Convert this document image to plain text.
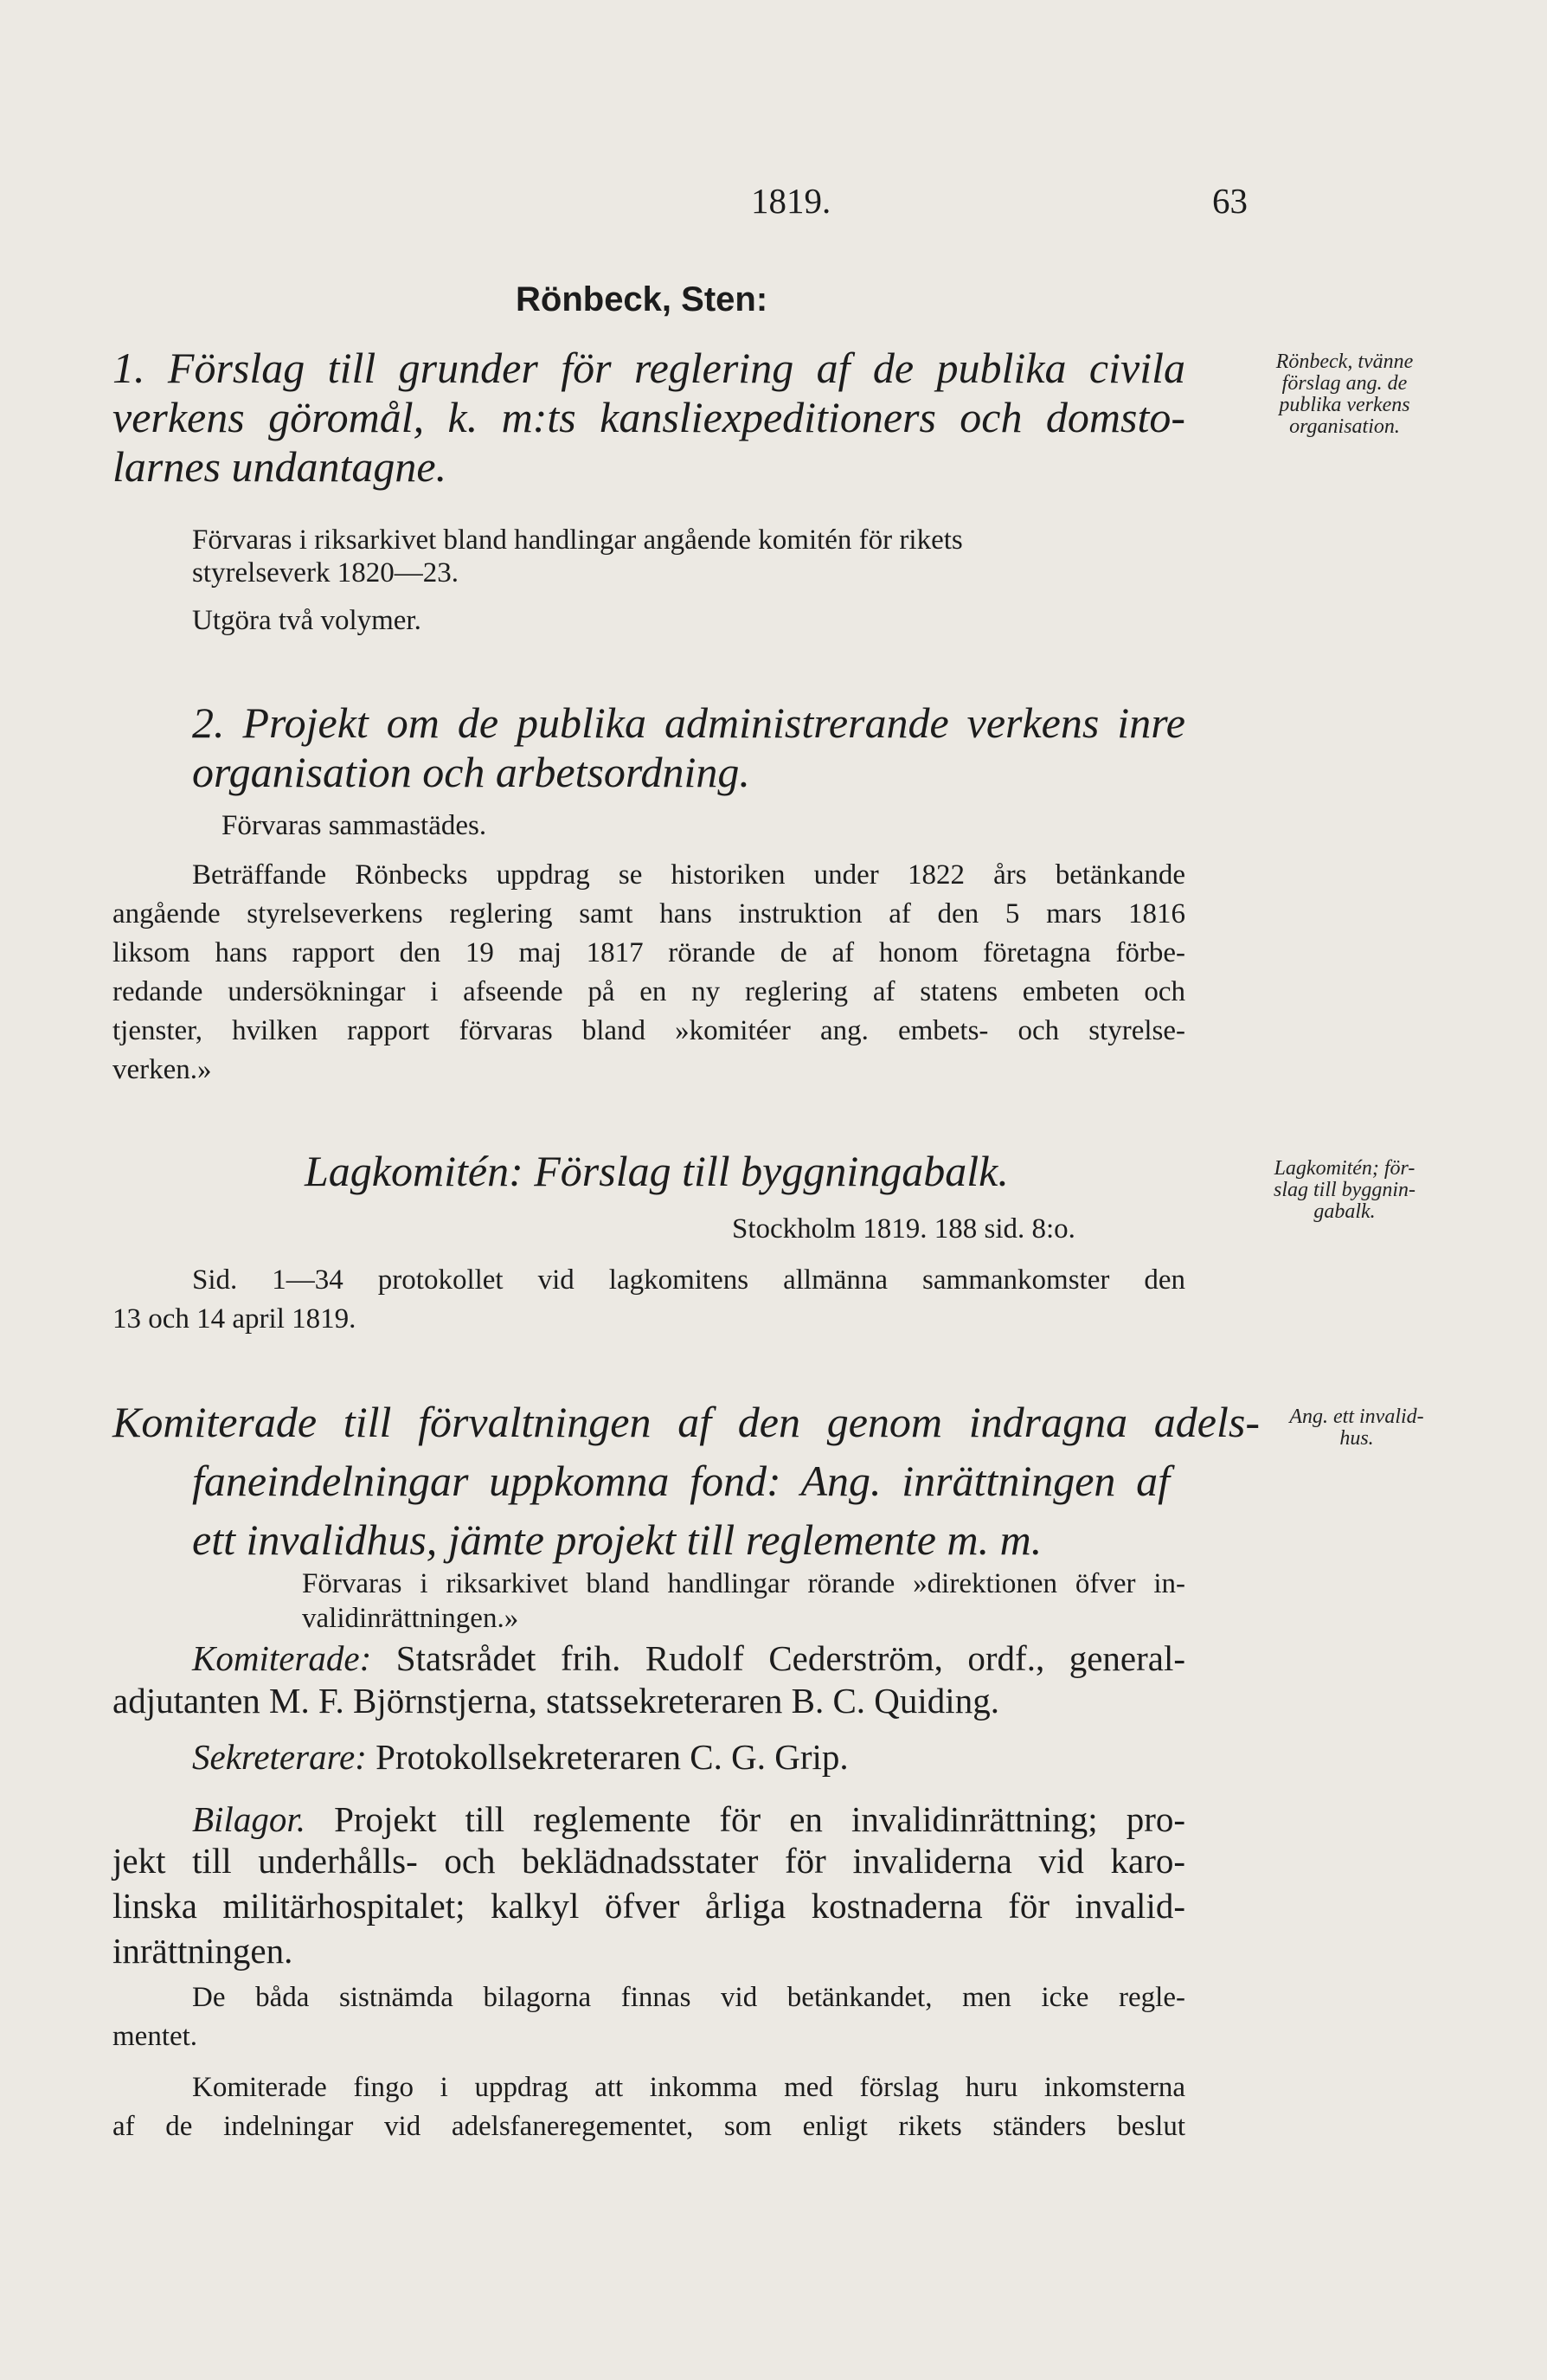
1819.	63
Rönbeck, Sten:
1. Förslag till grunder för reglering af de publika civila
verkens göromål, k. m:ts kansliexpeditioners och domsto-
larnes undantagne.
Rönbeck, tvänne
förslag ang. de
publika verkens
organisation.
Förvaras i riksarkivet bland handlingar angående komitén för rikets
styrelseverk 1820—23.
Utgöra två volymer.
2. Projekt om de publika administrerande verkens inre
organisation och arbetsordning.
Förvaras sammastädes.
Beträffande Rönbecks uppdrag se historiken under 1822 års betänkande
angående styrelseverkens reglering samt hans instruktion af den 5 mars 1816
liksom hans rapport den 19 maj 1817 rörande de af honom företagna förbe-
redande undersökningar i afseende på en ny reglering af statens embeten och
tjenster, hvilken rapport förvaras bland »komitéer ang. embets- och styrelse-
verken.»
Lagkomitén: Förslag till byggningabalk.
Stockholm 1819. 188 sid. 8:o.
Lagkomitén; för-
slag till byggnin-
gabalk.
Sid. 1—34 protokollet vid lagkomitens allmänna sammankomster den
13 och 14 april 1819.
Komiterade till förvaltningen af den genom indragna adels-
faneindelningar uppkomna fond: Ang. inrättningen af
ett invalidhus, jämte projekt till reglemente m. m.
Ang. ett invalid-
hus.
Förvaras i riksarkivet bland handlingar rörande »direktionen öfver in-
validinrättningen.»
Komiterade: Statsrådet frih. Rudolf Cederström, ordf., general-
adjutanten M. F. Björnstjerna, statssekreteraren B. C. Quiding.
Sekreterare: Protokollsekreteraren C. G. Grip.
Bilagor. Projekt till reglemente för en invalidinrättning; pro-
jekt till underhålls- och beklädnadsstater för invaliderna vid karo-
linska militärhospitalet; kalkyl öfver årliga kostnaderna för invalid-
inrättningen.
De båda sistnämda bilagorna finnas vid betänkandet, men icke regle-
mentet.
Komiterade fingo i uppdrag att inkomma med förslag huru inkomsterna
af de indelningar vid adelsfaneregementet, som enligt rikets ständers beslut
